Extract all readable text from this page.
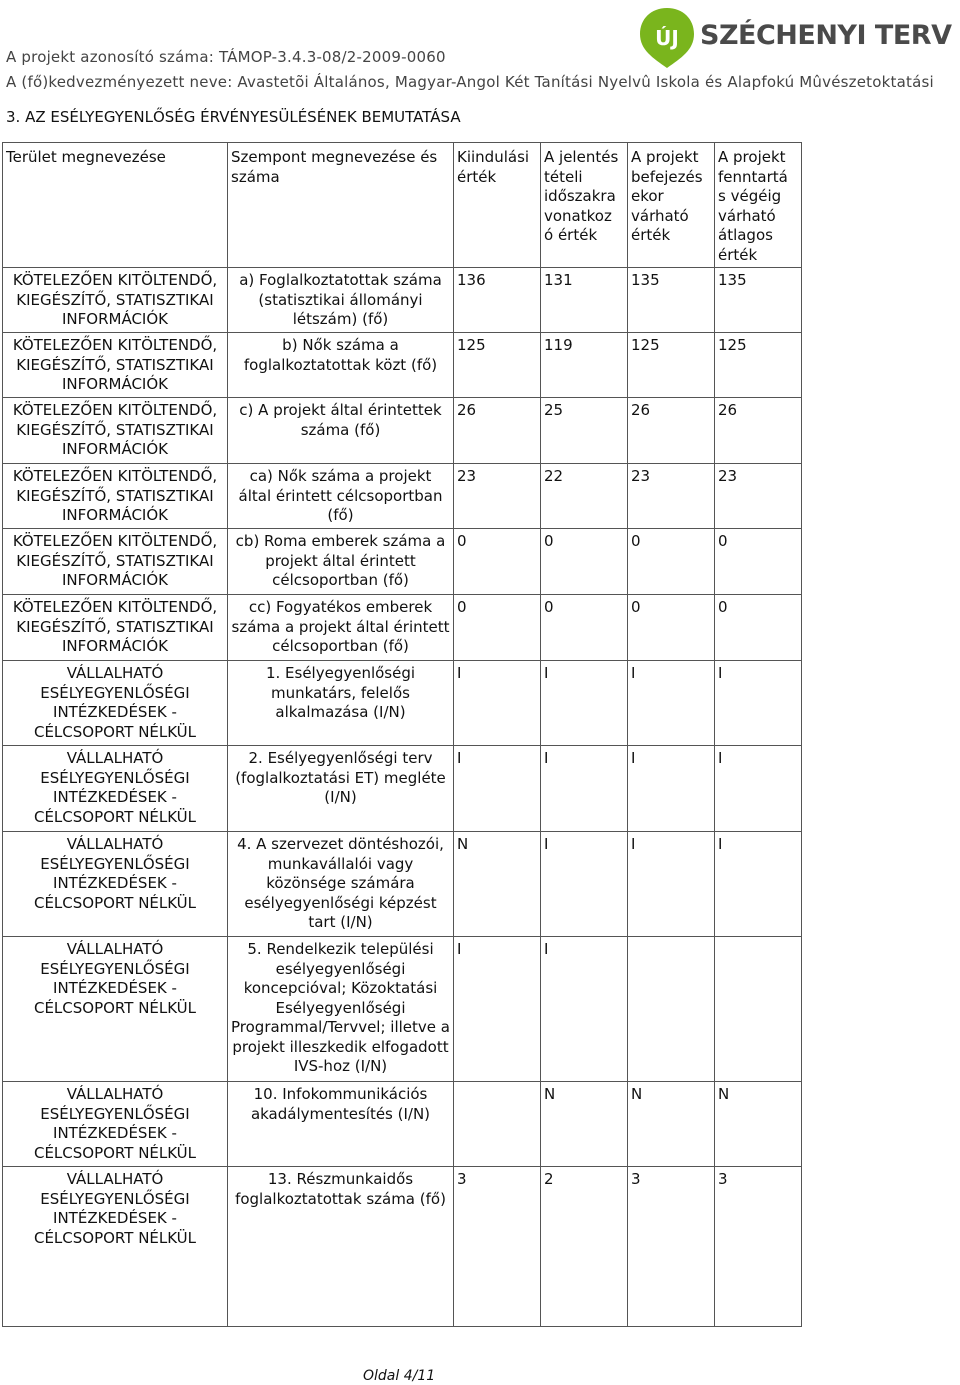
A projekt azonosító száma: TÁMOP-3.4.3-08/2-2009-0060
A (fő)kedvezményezett neve: Avastetõi Általános, Magyar-Angol Két Tanítási Nyelvû Iskola és Alapfokú Mûvészetoktatási
ÚJ SZÉCHENYI TERV
3. AZ ESÉLYEGYENLŐSÉG ÉRVÉNYESÜLÉSÉNEK BEMUTATÁSA
Terület megnevezése	Szempont megnevezése és száma	Kiindulási érték	A jelentés tételi időszakra vonatkoz ó érték	A projekt befejezés ekor várható érték	A projekt fenntartá s végéig várható átlagos érték
KÖTELEZŐEN KITÖLTENDŐ, KIEGÉSZÍTŐ, STATISZTIKAI INFORMÁCIÓK	a) Foglalkoztatottak száma (statisztikai állományi létszám) (fő)	136	131	135	135
KÖTELEZŐEN KITÖLTENDŐ, KIEGÉSZÍTŐ, STATISZTIKAI INFORMÁCIÓK	b) Nők száma a foglalkoztatottak közt (fő)	125	119	125	125
KÖTELEZŐEN KITÖLTENDŐ, KIEGÉSZÍTŐ, STATISZTIKAI INFORMÁCIÓK	c) A projekt által érintettek száma (fő)	26	25	26	26
KÖTELEZŐEN KITÖLTENDŐ, KIEGÉSZÍTŐ, STATISZTIKAI INFORMÁCIÓK	ca) Nők száma a projekt által érintett célcsoportban (fő)	23	22	23	23
KÖTELEZŐEN KITÖLTENDŐ, KIEGÉSZÍTŐ, STATISZTIKAI INFORMÁCIÓK	cb) Roma emberek száma a projekt által érintett célcsoportban (fő)	0	0	0	0
KÖTELEZŐEN KITÖLTENDŐ, KIEGÉSZÍTŐ, STATISZTIKAI INFORMÁCIÓK	cc) Fogyatékos emberek száma a projekt által érintett célcsoportban (fő)	0	0	0	0
VÁLLALHATÓ ESÉLYEGYENLŐSÉGI INTÉZKEDÉSEK - CÉLCSOPORT NÉLKÜL	1. Esélyegyenlőségi munkatárs, felelős alkalmazása (I/N)	I	I	I	I
VÁLLALHATÓ ESÉLYEGYENLŐSÉGI INTÉZKEDÉSEK - CÉLCSOPORT NÉLKÜL	2. Esélyegyenlőségi terv (foglalkoztatási ET) megléte (I/N)	I	I	I	I
VÁLLALHATÓ ESÉLYEGYENLŐSÉGI INTÉZKEDÉSEK - CÉLCSOPORT NÉLKÜL	4. A szervezet döntéshozói, munkavállalói vagy közönsége számára esélyegyenlőségi képzést tart (I/N)	N	I	I	I
VÁLLALHATÓ ESÉLYEGYENLŐSÉGI INTÉZKEDÉSEK - CÉLCSOPORT NÉLKÜL	5. Rendelkezik települési esélyegyenlőségi koncepcióval; Közoktatási Esélyegyenlőségi Programmal/Tervvel; illetve a projekt illeszkedik elfogadott IVS-hoz (I/N)	I	I		
VÁLLALHATÓ ESÉLYEGYENLŐSÉGI INTÉZKEDÉSEK - CÉLCSOPORT NÉLKÜL	10. Infokommunikációs akadálymentesítés (I/N)		N	N	N
VÁLLALHATÓ ESÉLYEGYENLŐSÉGI INTÉZKEDÉSEK - CÉLCSOPORT NÉLKÜL	13. Részmunkaidős foglalkoztatottak száma (fő)	3	2	3	3
Oldal 4/11
